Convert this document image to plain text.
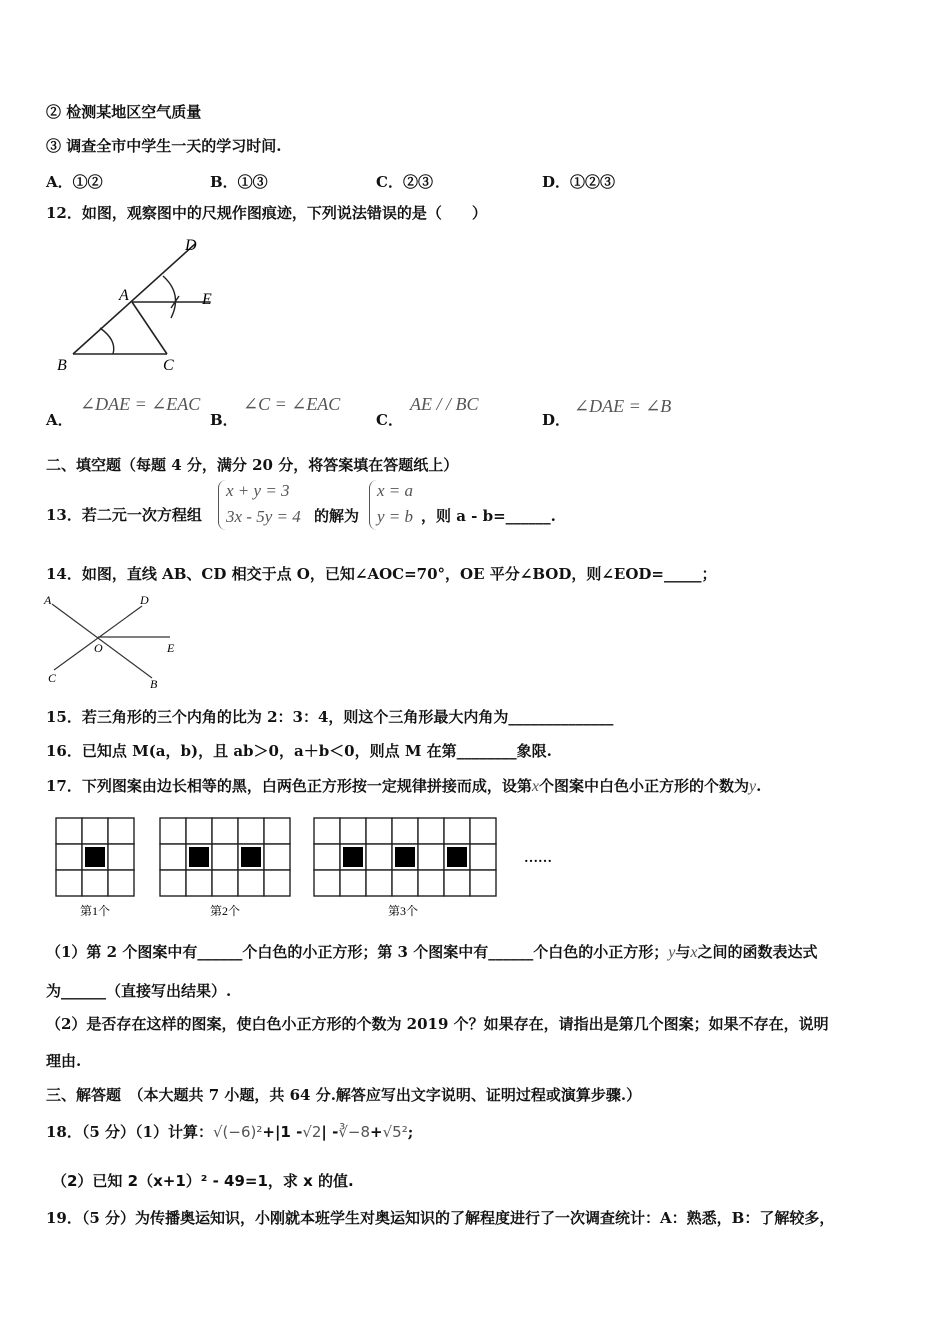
② 检测某地区空气质量
③ 调查全市中学生一天的学习时间.
A．①②	B．①③	C．②③	D．①②③
12．如图，观察图中的尺规作图痕迹，下列说法错误的是（　　）
D
A	E
B	C
A．
∠DAE = ∠EAC
B．
∠C = ∠EAC
C．
AE / / BC
D．
∠DAE = ∠B
二、填空题（每题 4 分，满分 20 分，将答案填在答题纸上）
13．若二元一次方程组
x + y = 3
3x - 5y = 4 的解为
x = a
y = b ，则 a - b=______.
14．如图，直线 AB、CD 相交于点 O，已知∠AOC=70°，OE 平分∠BOD，则∠EOD=_____；
A	D
O	E
C	B
15．若三角形的三个内角的比为 2：3：4，则这个三角形最大内角为______________
16．已知点 M(a，b)，且 ab＞0，a＋b＜0，则点 M 在第________象限.
17．下列图案由边长相等的黑，白两色正方形按一定规律拼接而成，设第x个图案中白色小正方形的个数为y.
……
第1个	第2个	第3个
（1）第 2 个图案中有______个白色的小正方形；第 3 个图案中有______个白色的小正方形；y与x之间的函数表达式
为______（直接写出结果）.
（2）是否存在这样的图案，使白色小正方形的个数为 2019 个？如果存在，请指出是第几个图案；如果不存在，说明
理由.
三、解答题　（本大题共 7 小题，共 64 分.解答应写出文字说明、证明过程或演算步骤.）
18．（5 分）（1）计算：√(−6)²+|1 -√2| -∛−8+√5²;
（2）已知 2（x+1）² - 49=1，求 x 的值.
19．（5 分）为传播奥运知识，小刚就本班学生对奥运知识的了解程度进行了一次调查统计：A：熟悉，B：了解较多，
